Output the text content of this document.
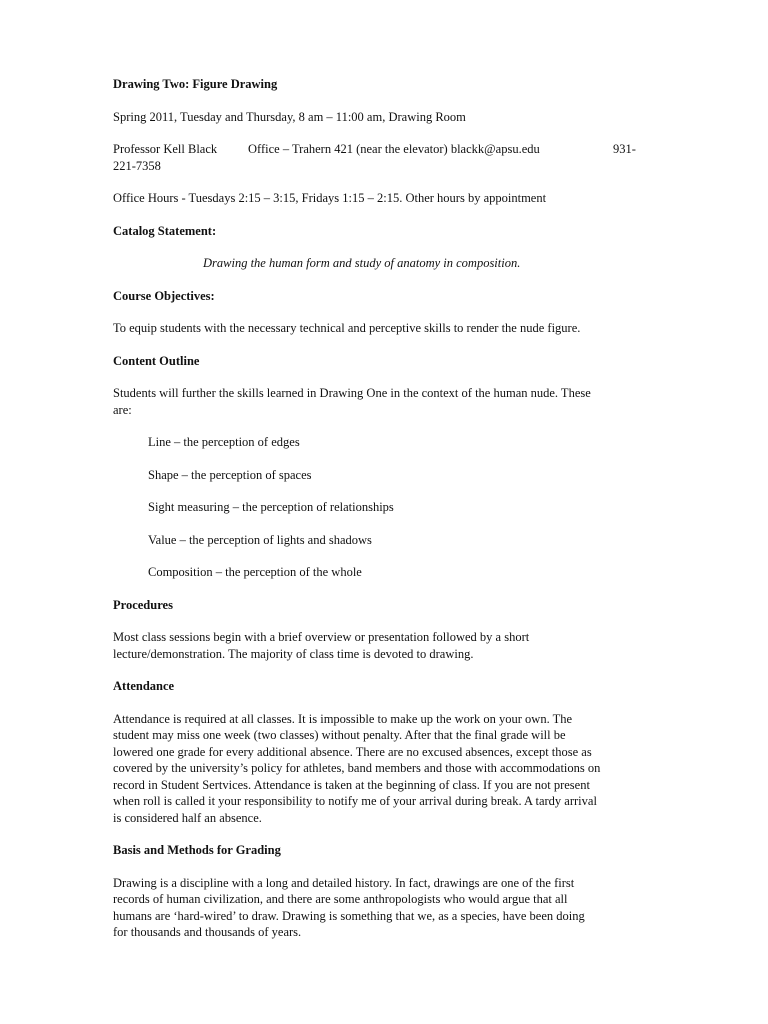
Drawing Two: Figure Drawing

Spring 2011, Tuesday and Thursday, 8 am – 11:00 am, Drawing Room

Professor Kell Black Office – Trahern 421 (near the elevator) blackk@apsu.edu	931-

221-7358

Office Hours - Tuesdays 2:15 – 3:15, Fridays 1:15 – 2:15. Other hours by appointment

Catalog Statement:

Drawing the human form and study of anatomy in composition.

Course Objectives:

To equip students with the necessary technical and perceptive skills to render the nude figure.

Content Outline

Students will further the skills learned in Drawing One in the context of the human nude. These

are:

Line – the perception of edges

Shape – the perception of spaces

Sight measuring – the perception of relationships

Value – the perception of lights and shadows

Composition – the perception of the whole

Procedures

Most class sessions begin with a brief overview or presentation followed by a short

lecture/demonstration. The majority of class time is devoted to drawing.

Attendance

Attendance is required at all classes. It is impossible to make up the work on your own. The

student may miss one week (two classes) without penalty. After that the final grade will be

lowered one grade for every additional absence. There are no excused absences, except those as

covered by the university’s policy for athletes, band members and those with accommodations on

record in Student Sertvices. Attendance is taken at the beginning of class. If you are not present

when roll is called it your responsibility to notify me of your arrival during break. A tardy arrival

is considered half an absence.

Basis and Methods for Grading

Drawing is a discipline with a long and detailed history. In fact, drawings are one of the first

records of human civilization, and there are some anthropologists who would argue that all

humans are ‘hard-wired’ to draw. Drawing is something that we, as a species, have been doing

for thousands and thousands of years.
